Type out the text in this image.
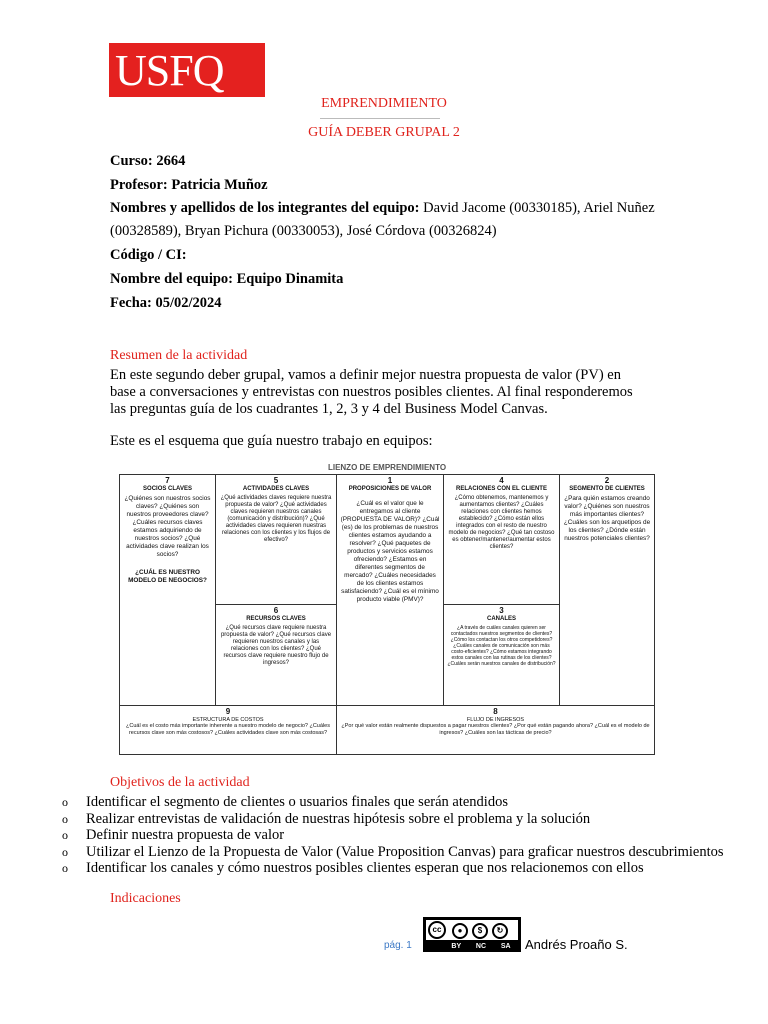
USFQ
EMPRENDIMIENTO
GUÍA DEBER GRUPAL 2
Curso: 2664
Profesor: Patricia Muñoz
Nombres y apellidos de los integrantes del equipo: David Jacome (00330185), Ariel Nuñez
(00328589), Bryan Pichura (00330053), José Córdova (00326824)
Código / CI:
Nombre del equipo: Equipo Dinamita
Fecha: 05/02/2024
Resumen de la actividad
En este segundo deber grupal, vamos a definir mejor nuestra propuesta de valor (PV) en base a conversaciones y entrevistas con nuestros posibles clientes. Al final responderemos las preguntas guía de los cuadrantes 1, 2, 3 y 4 del Business Model Canvas.
Este es el esquema que guía nuestro trabajo en equipos:
LIENZO DE EMPRENDIMIENTO
7
SOCIOS CLAVES
¿Quiénes son nuestros socios claves? ¿Quiénes son nuestros proveedores clave? ¿Cuáles recursos claves estamos adquiriendo de nuestros socios? ¿Qué actividades clave realizan los socios?
¿CUÁL ES NUESTRO MODELO DE NEGOCIOS?
5
ACTIVIDADES CLAVES
¿Qué actividades claves requiere nuestra propuesta de valor? ¿Qué actividades claves requieren nuestros canales (comunicación y distribución)? ¿Qué actividades claves requieren nuestras relaciones con los clientes y los flujos de efectivo?
6
RECURSOS CLAVES
¿Qué recursos clave requiere nuestra propuesta de valor? ¿Qué recursos clave requieren nuestros canales y las relaciones con los clientes? ¿Qué recursos clave requiere nuestro flujo de ingresos?
1
PROPOSICIONES DE VALOR
¿Cuál es el valor que le entregamos al cliente (PROPUESTA DE VALOR)? ¿Cuál (es) de los problemas de nuestros clientes estamos ayudando a resolver? ¿Qué paquetes de productos y servicios estamos ofreciendo? ¿Estamos en diferentes segmentos de mercado? ¿Cuáles necesidades de los clientes estamos satisfaciendo? ¿Cuál es el mínimo producto viable (PMV)?
4
RELACIONES CON EL CLIENTE
¿Cómo obtenemos, mantenemos y aumentamos clientes? ¿Cuáles relaciones con clientes hemos establecido? ¿Cómo están ellos integrados con el resto de nuestro modelo de negocios? ¿Qué tan costoso es obtener/mantener/aumentar estos clientes?
3
CANALES
¿A través de cuáles canales quieren ser contactados nuestros segmentos de clientes? ¿Cómo los contactan los otros competidores? ¿Cuáles canales de comunicación son más costo-eficientes? ¿Cómo estamos integrando estos canales con las rutinas de los clientes? ¿Cuáles serán nuestros canales de distribución?
2
SEGMENTO DE CLIENTES
¿Para quién estamos creando valor? ¿Quiénes son nuestros más importantes clientes? ¿Cuáles son los arquetipos de los clientes? ¿Dónde están nuestros potenciales clientes?
9
ESTRUCTURA DE COSTOS
¿Cuál es el costo más importante inherente a nuestro modelo de negocio? ¿Cuáles recursos clave son más costosos? ¿Cuáles actividades clave son más costosas?
8
FLUJO DE INGRESOS
¿Por qué valor están realmente dispuestos a pagar nuestros clientes? ¿Por qué están pagando ahora? ¿Cuál es el modelo de ingresos? ¿Cuáles son las tácticas de precio?
Objetivos de la actividad
o	Identificar el segmento de clientes o usuarios finales que serán atendidos
o	Realizar entrevistas de validación de nuestras hipótesis sobre el problema y la solución
o	Definir nuestra propuesta de valor
o	Utilizar el Lienzo de la Propuesta de Valor (Value Proposition Canvas) para graficar nuestros descubrimientos
o	Identificar los canales y cómo nuestros posibles clientes esperan que nos relacionemos con ellos
Indicaciones
pág. 1
cc	●	$	↻
BY NC SA Andrés Proaño S.
